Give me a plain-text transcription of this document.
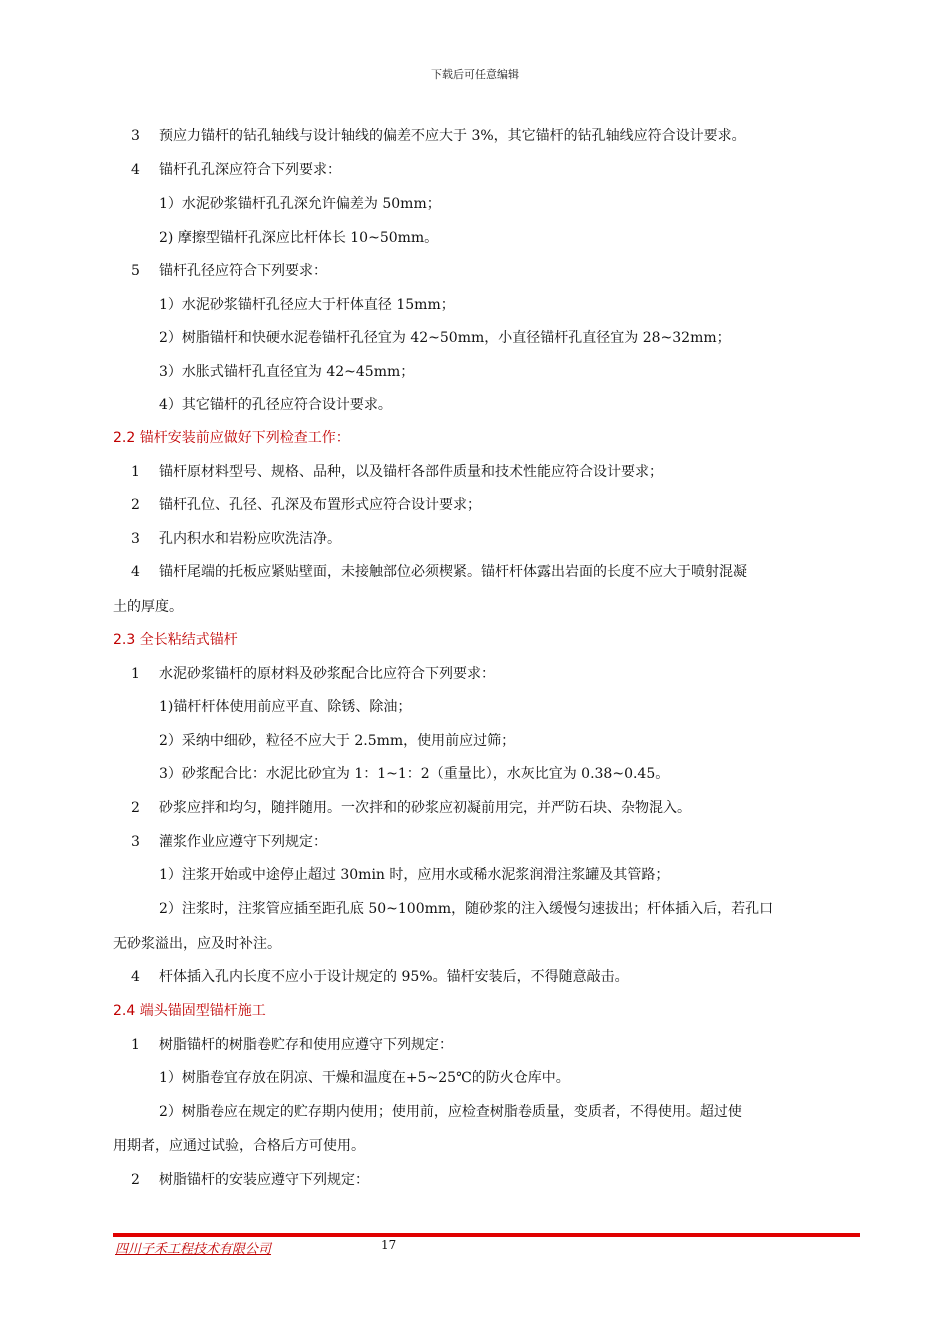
下载后可任意编辑
3 预应力锚杆的钻孔轴线与设计轴线的偏差不应大于 3%，其它锚杆的钻孔轴线应符合设计要求。
4 锚杆孔孔深应符合下列要求：
1）水泥砂浆锚杆孔孔深允许偏差为 50mm；
2) 摩擦型锚杆孔深应比杆体长 10~50mm。
5 锚杆孔径应符合下列要求：
1）水泥砂浆锚杆孔径应大于杆体直径 15mm；
2）树脂锚杆和快硬水泥卷锚杆孔径宜为 42~50mm，小直径锚杆孔直径宜为 28~32mm；
3）水胀式锚杆孔直径宜为 42~45mm；
4）其它锚杆的孔径应符合设计要求。
2.2 锚杆安装前应做好下列检查工作：
1 锚杆原材料型号、规格、品种，以及锚杆各部件质量和技术性能应符合设计要求；
2 锚杆孔位、孔径、孔深及布置形式应符合设计要求；
3 孔内积水和岩粉应吹洗洁净。
4 锚杆尾端的托板应紧贴壁面，未接触部位必须楔紧。锚杆杆体露出岩面的长度不应大于喷射混凝
土的厚度。
2.3 全长粘结式锚杆
1 水泥砂浆锚杆的原材料及砂浆配合比应符合下列要求：
1)锚杆杆体使用前应平直、除锈、除油；
2）采纳中细砂，粒径不应大于 2.5mm，使用前应过筛；
3）砂浆配合比：水泥比砂宜为 1：1~1：2（重量比），水灰比宜为 0.38~0.45。
2 砂浆应拌和均匀，随拌随用。一次拌和的砂浆应初凝前用完，并严防石块、杂物混入。
3 灌浆作业应遵守下列规定：
1）注浆开始或中途停止超过 30min 时，应用水或稀水泥浆润滑注浆罐及其管路；
2）注浆时，注浆管应插至距孔底 50~100mm，随砂浆的注入缓慢匀速拔出；杆体插入后，若孔口
无砂浆溢出，应及时补注。
4 杆体插入孔内长度不应小于设计规定的 95%。锚杆安装后，不得随意敲击。
2.4 端头锚固型锚杆施工
1 树脂锚杆的树脂卷贮存和使用应遵守下列规定：
1）树脂卷宜存放在阴凉、干燥和温度在+5~25℃的防火仓库中。
2）树脂卷应在规定的贮存期内使用；使用前，应检查树脂卷质量，变质者，不得使用。超过使
用期者，应通过试验，合格后方可使用。
2 树脂锚杆的安装应遵守下列规定：
四川子禾工程技术有限公司	17
